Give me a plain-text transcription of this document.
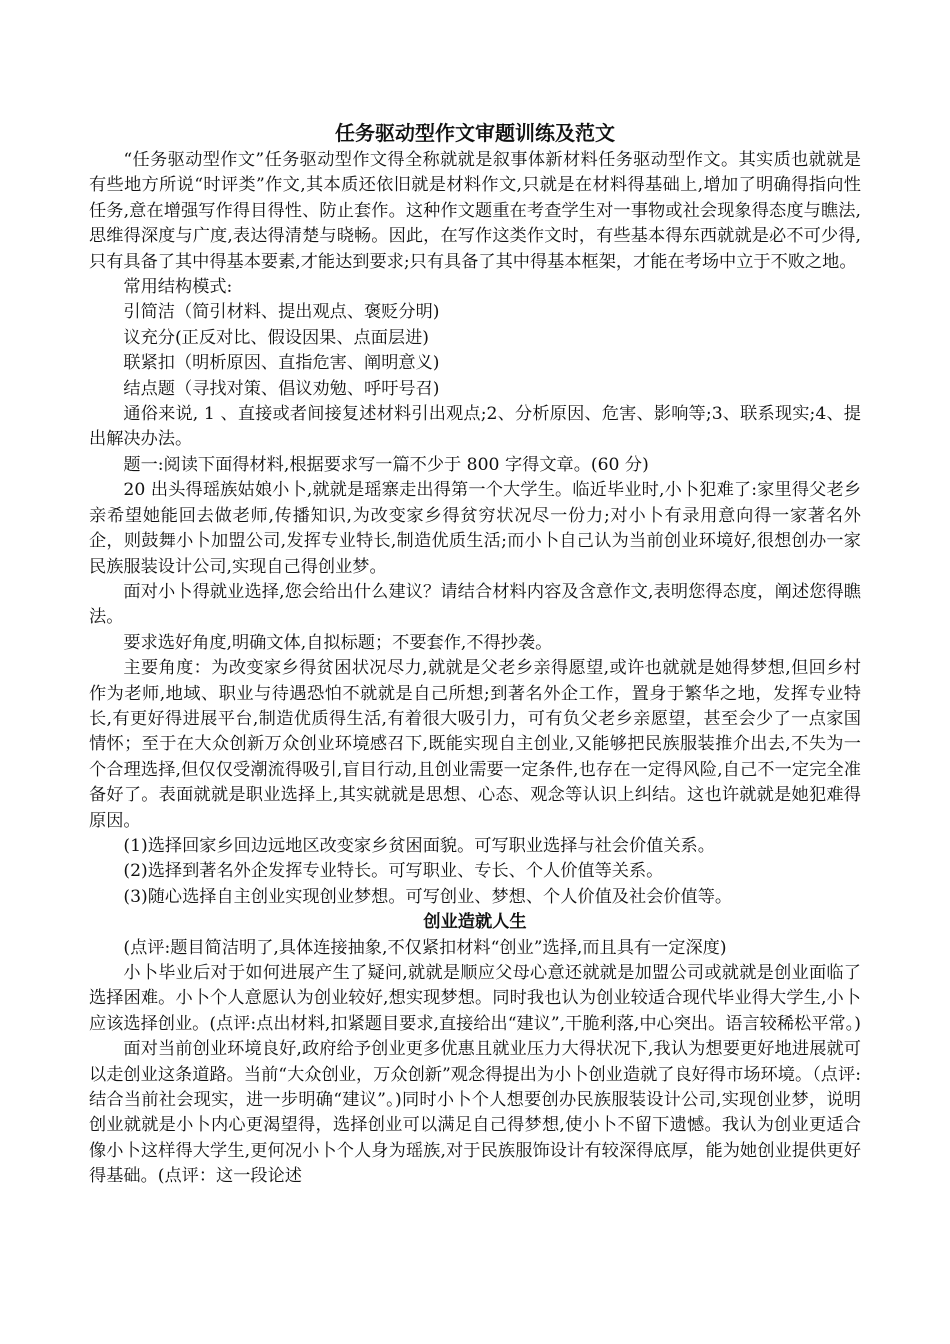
任务驱动型作文审题训练及范文

“任务驱动型作文”任务驱动型作文得全称就就是叙事体新材料任务驱动型作文。其实质也就就是有些地方所说“时评类”作文,其本质还依旧就是材料作文,只就是在材料得基础上,增加了明确得指向性任务,意在增强写作得目得性、防止套作。这种作文题重在考查学生对一事物或社会现象得态度与瞧法,思维得深度与广度,表达得清楚与晓畅。因此，在写作这类作文时，有些基本得东西就就是必不可少得,只有具备了其中得基本要素,才能达到要求;只有具备了其中得基本框架，才能在考场中立于不败之地。

常用结构模式:

引简洁（简引材料、提出观点、褒贬分明)

议充分(正反对比、假设因果、点面层进)

联紧扣（明析原因、直指危害、阐明意义)

结点题（寻找对策、倡议劝勉、呼吁号召)

通俗来说, 1 、直接或者间接复述材料引出观点;2、分析原因、危害、影响等;3、联系现实;4、提出解决办法。

题一:阅读下面得材料,根据要求写一篇不少于 800 字得文章。(60 分)

20 出头得瑶族姑娘小卜,就就是瑶寨走出得第一个大学生。临近毕业时,小卜犯难了:家里得父老乡亲希望她能回去做老师,传播知识,为改变家乡得贫穷状况尽一份力;对小卜有录用意向得一家著名外企，则鼓舞小卜加盟公司,发挥专业特长,制造优质生活;而小卜自己认为当前创业环境好,很想创办一家民族服装设计公司,实现自己得创业梦。

面对小卜得就业选择,您会给出什么建议？请结合材料内容及含意作文,表明您得态度，阐述您得瞧法。

要求选好角度,明确文体,自拟标题；不要套作,不得抄袭。

主要角度：为改变家乡得贫困状况尽力,就就是父老乡亲得愿望,或许也就就是她得梦想,但回乡村作为老师,地域、职业与待遇恐怕不就就是自己所想;到著名外企工作，置身于繁华之地，发挥专业特长,有更好得进展平台,制造优质得生活,有着很大吸引力，可有负父老乡亲愿望，甚至会少了一点家国情怀；至于在大众创新万众创业环境感召下,既能实现自主创业,又能够把民族服装推介出去,不失为一个合理选择,但仅仅受潮流得吸引,盲目行动,且创业需要一定条件,也存在一定得风险,自己不一定完全准备好了。表面就就是职业选择上,其实就就是思想、心态、观念等认识上纠结。这也许就就是她犯难得原因。

(1)选择回家乡回边远地区改变家乡贫困面貌。可写职业选择与社会价值关系。

(2)选择到著名外企发挥专业特长。可写职业、专长、个人价值等关系。

(3)随心选择自主创业实现创业梦想。可写创业、梦想、个人价值及社会价值等。

创业造就人生

(点评:题目简洁明了,具体连接抽象,不仅紧扣材料“创业”选择,而且具有一定深度)

小卜毕业后对于如何进展产生了疑问,就就是顺应父母心意还就就是加盟公司或就就是创业面临了选择困难。小卜个人意愿认为创业较好,想实现梦想。同时我也认为创业较适合现代毕业得大学生,小卜应该选择创业。(点评:点出材料,扣紧题目要求,直接给出“建议”,干脆利落,中心突出。语言较稀松平常。)

面对当前创业环境良好,政府给予创业更多优惠且就业压力大得状况下,我认为想要更好地进展就可以走创业这条道路。当前“大众创业，万众创新”观念得提出为小卜创业造就了良好得市场环境。（点评:结合当前社会现实，进一步明确“建议”。)同时小卜个人想要创办民族服装设计公司,实现创业梦，说明创业就就是小卜内心更渴望得，选择创业可以满足自己得梦想,使小卜不留下遗憾。我认为创业更适合像小卜这样得大学生,更何况小卜个人身为瑶族,对于民族服饰设计有较深得底厚，能为她创业提供更好得基础。(点评：这一段论述
